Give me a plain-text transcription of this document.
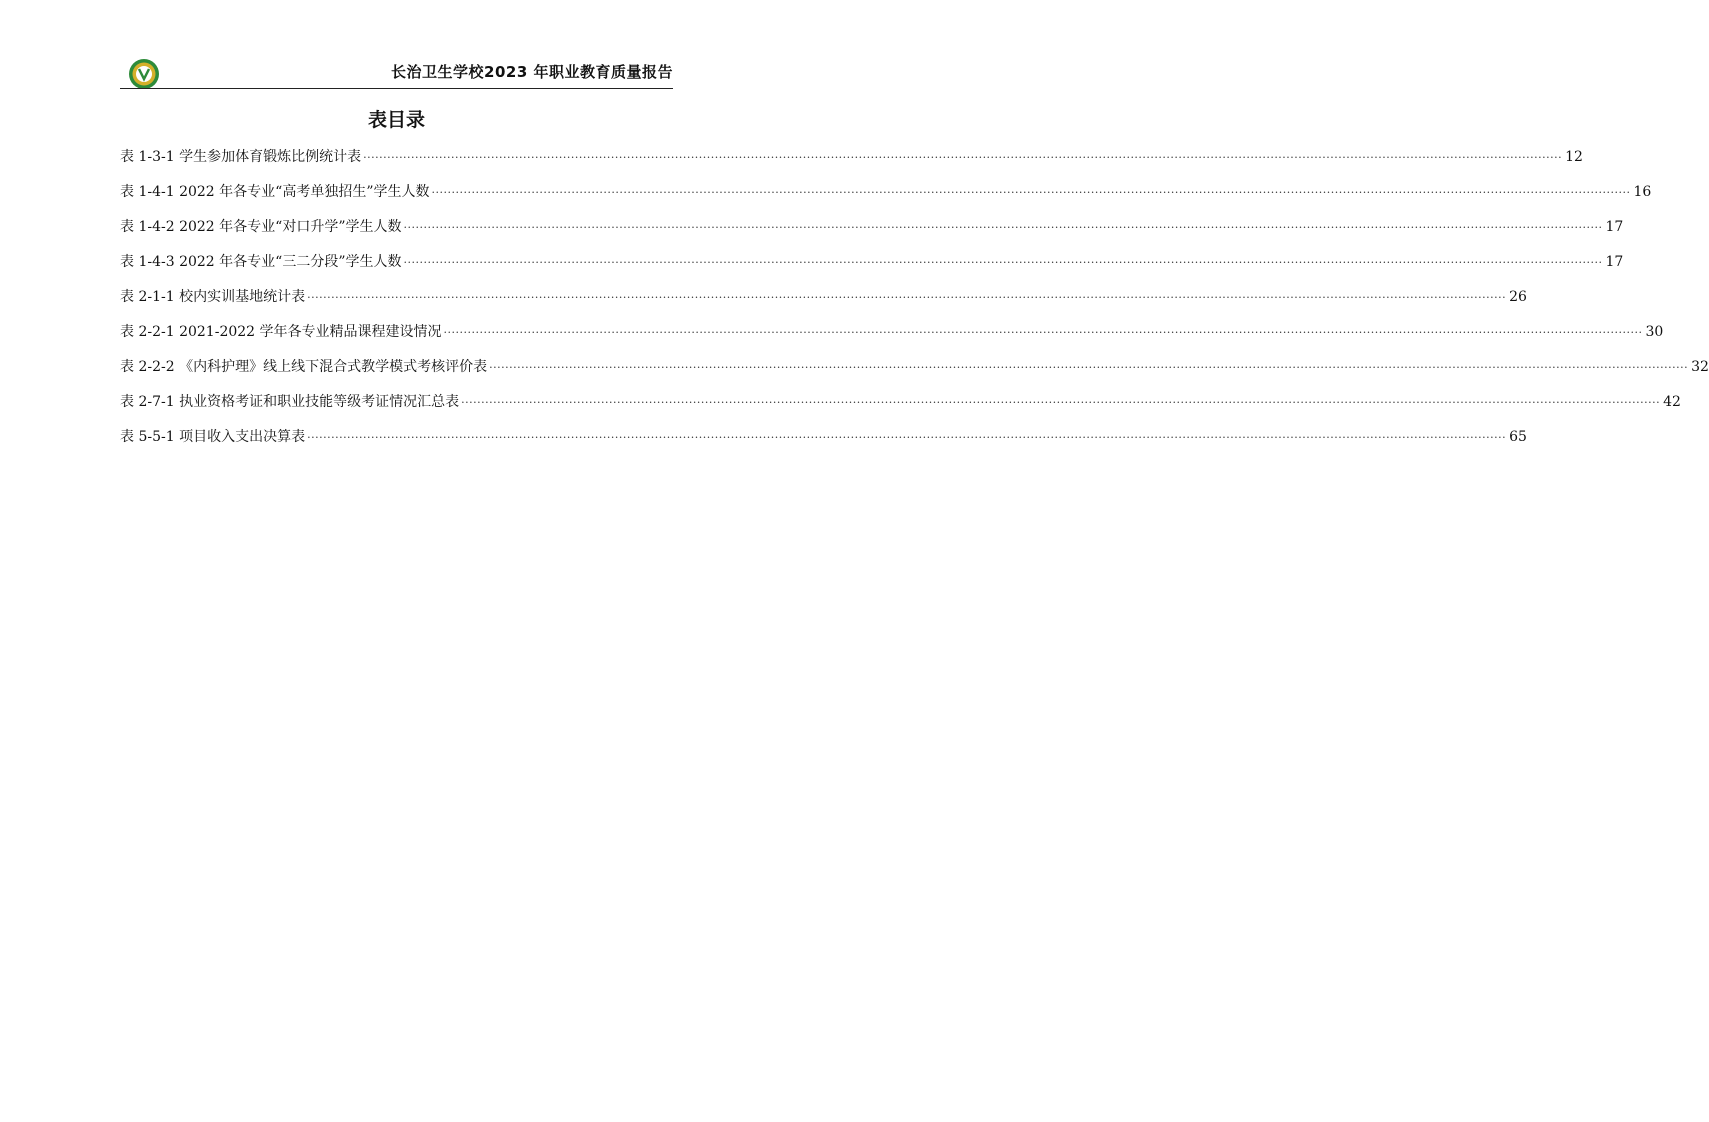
长治卫生学校2023 年职业教育质量报告
表目录
表 1-3-1 学生参加体育锻炼比例统计表 ············································································································································································································································································································ 12
表 1-4-1 2022 年各专业“高考单独招生”学生人数 ············································································································································································································································································································ 16
表 1-4-2 2022 年各专业“对口升学”学生人数 ············································································································································································································································································································ 17
表 1-4-3 2022 年各专业“三二分段”学生人数 ············································································································································································································································································································ 17
表 2-1-1 校内实训基地统计表 ············································································································································································································································································································ 26
表 2-2-1 2021-2022 学年各专业精品课程建设情况 ············································································································································································································································································································ 30
表 2-2-2 《内科护理》线上线下混合式教学模式考核评价表 ············································································································································································································································································································ 32
表 2-7-1 执业资格考证和职业技能等级考证情况汇总表 ············································································································································································································································································································ 42
表 5-5-1 项目收入支出决算表 ············································································································································································································································································································ 65
